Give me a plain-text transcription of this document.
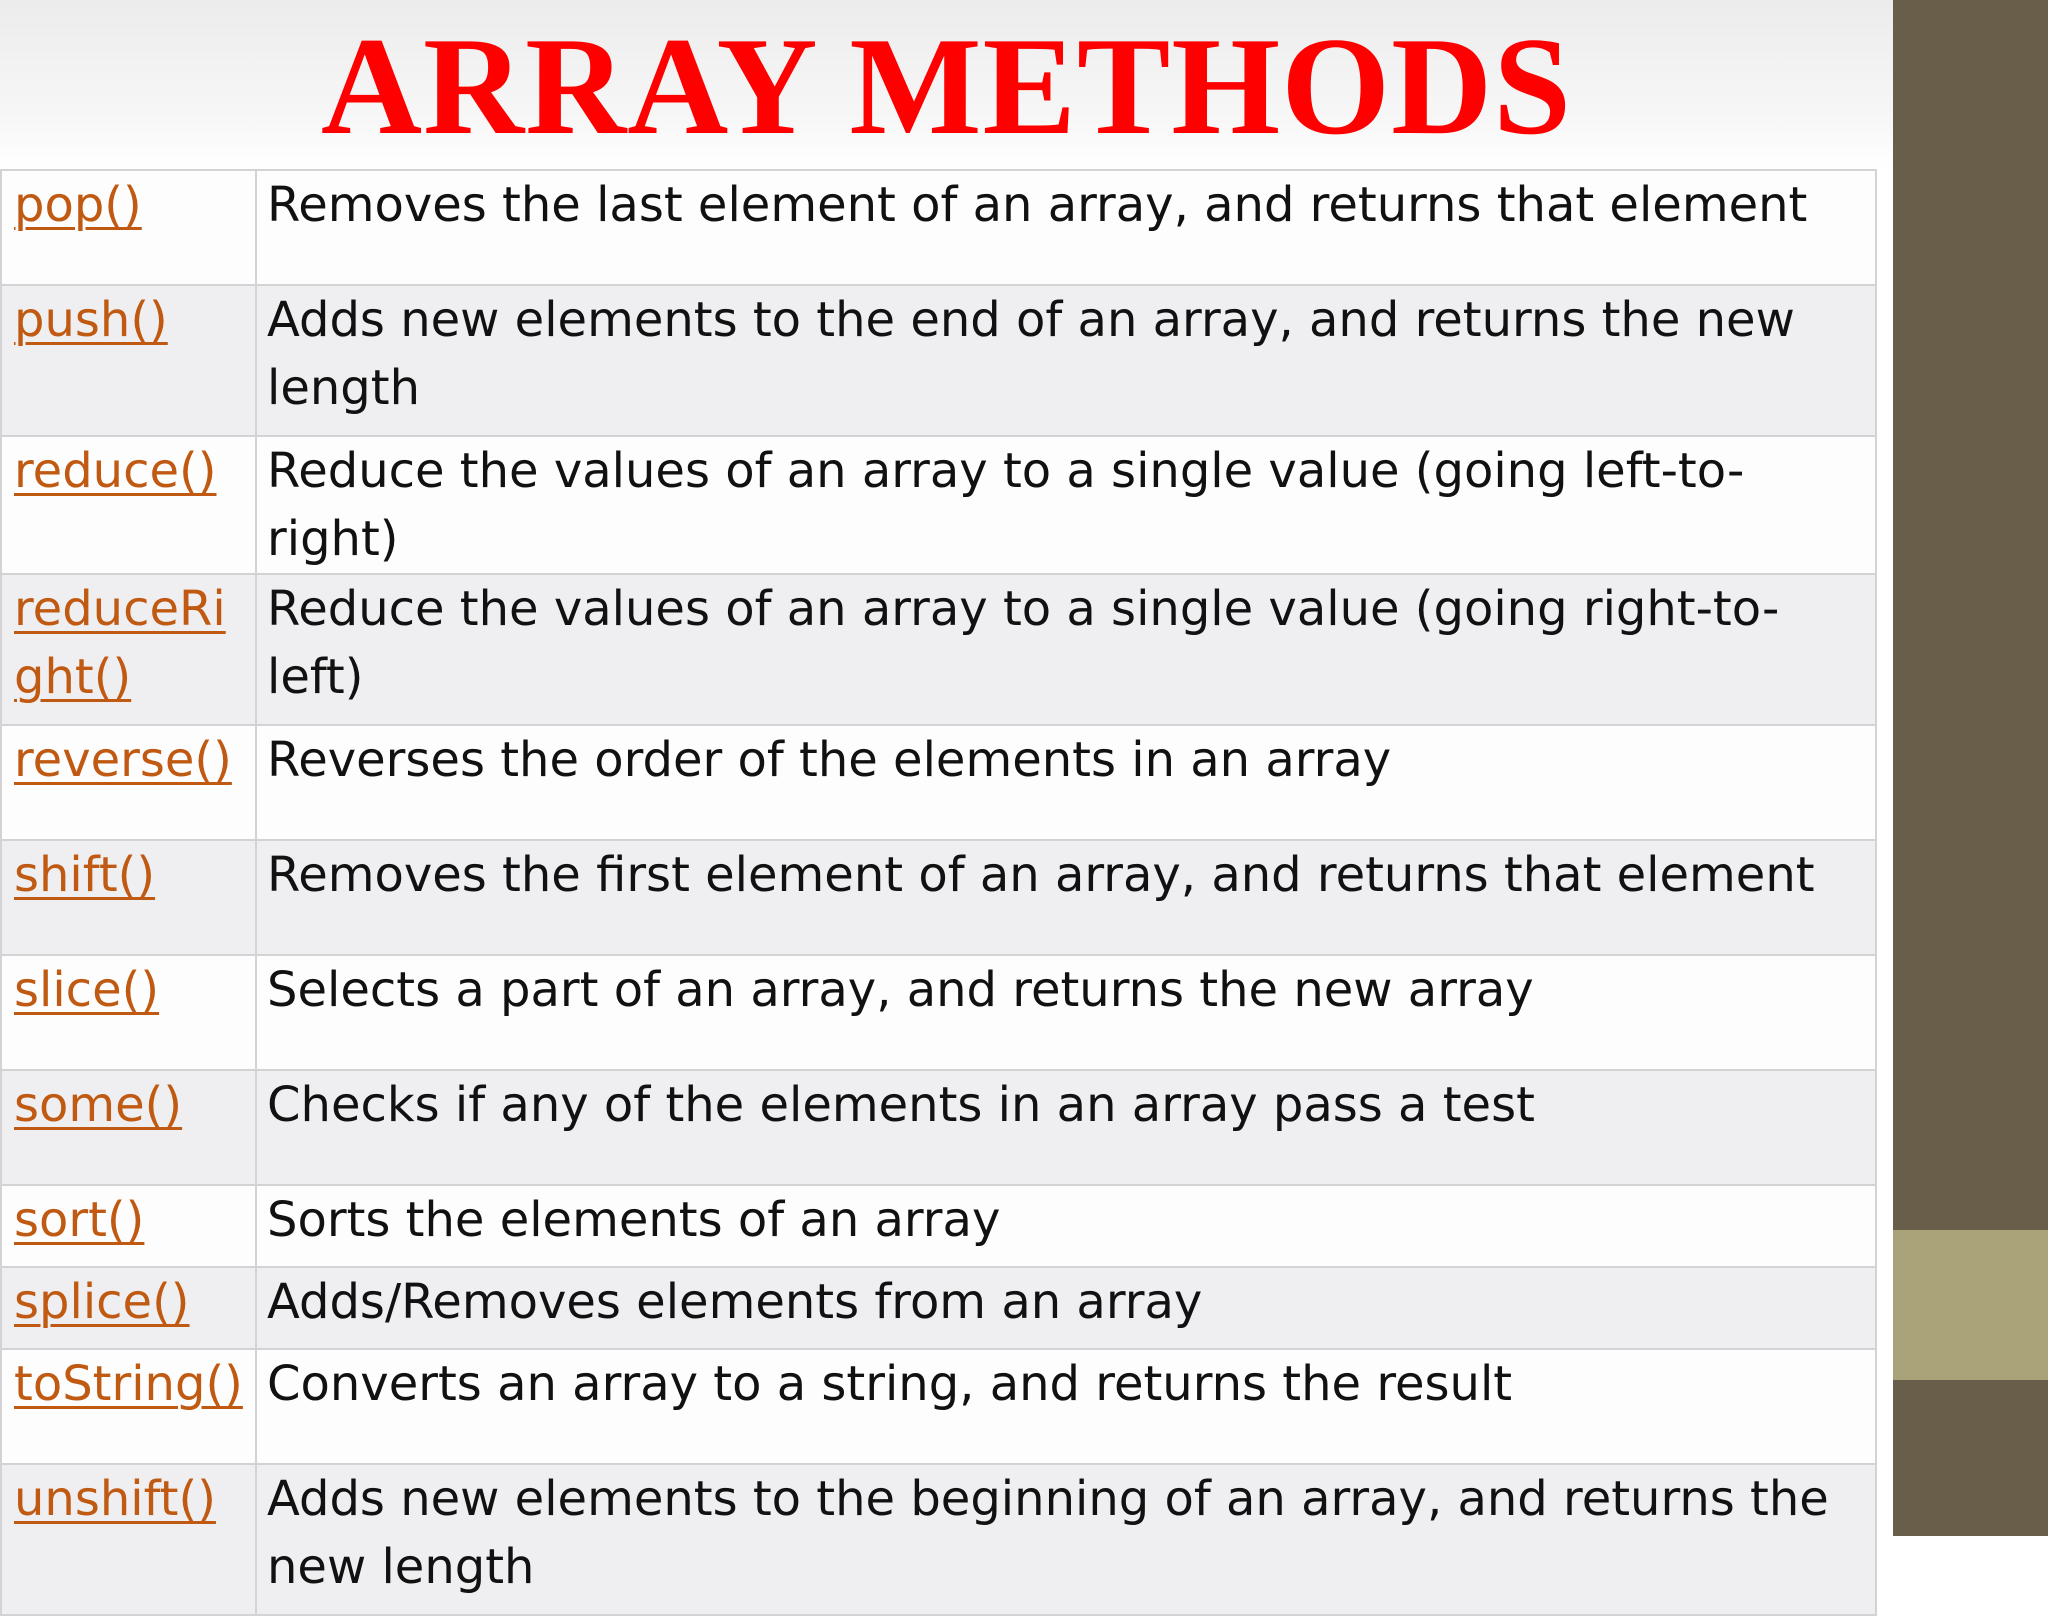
ARRAY METHODS
pop()	Removes the last element of an array, and returns that element
push()	Adds new elements to the end of an array, and returns the new length
reduce()	Reduce the values of an array to a single value (going left-to-right)
reduceRight()	Reduce the values of an array to a single value (going right-to-left)
reverse()	Reverses the order of the elements in an array
shift()	Removes the first element of an array, and returns that element
slice()	Selects a part of an array, and returns the new array
some()	Checks if any of the elements in an array pass a test
sort()	Sorts the elements of an array
splice()	Adds/Removes elements from an array
toString()	Converts an array to a string, and returns the result
unshift()	Adds new elements to the beginning of an array, and returns the new length
